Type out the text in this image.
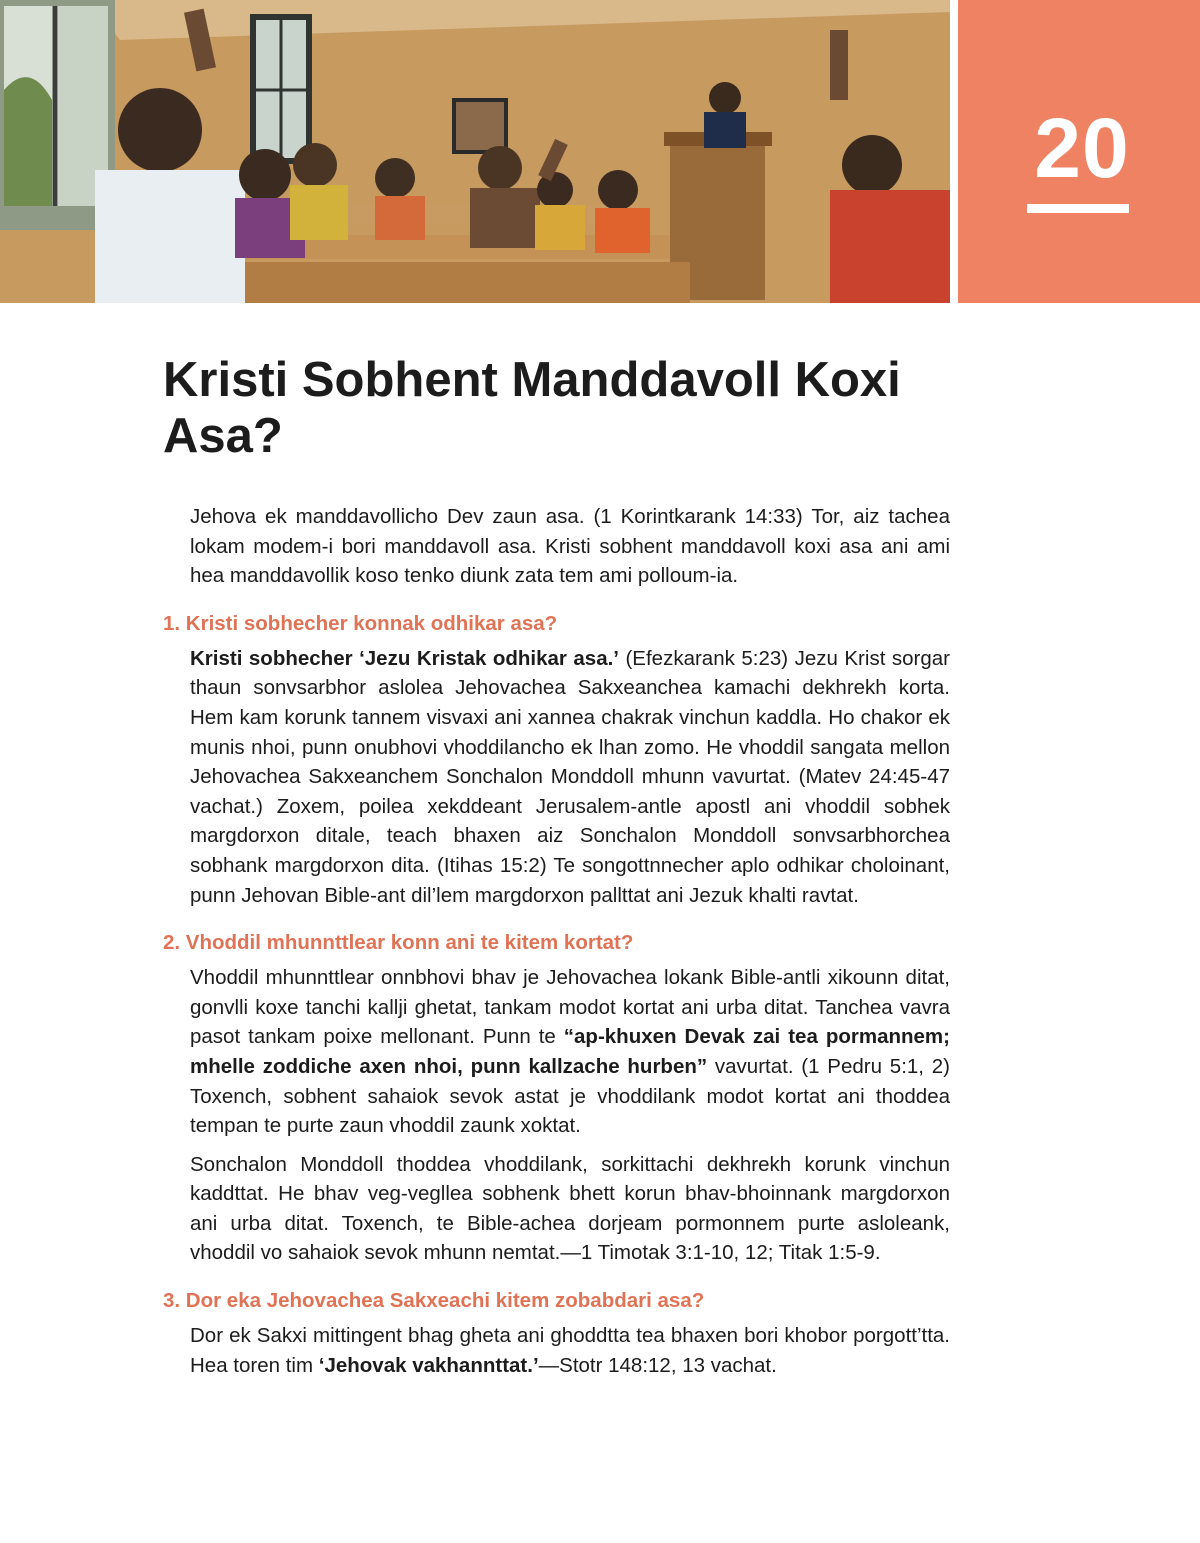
20
Kristi Sobhent Manddavoll Koxi Asa?

Jehova ek manddavollicho Dev zaun asa. (1 Korintkarank 14:33) Tor, aiz tachea lokam modem-i bori manddavoll asa. Kristi sobhent manddavoll koxi asa ani ami hea manddavollik koso tenko diunk zata tem ami polloum-ia.

1. Kristi sobhecher konnak odhikar asa?

Kristi sobhecher ‘Jezu Kristak odhikar asa.’ (Efezkarank 5:23) Jezu Krist sorgar thaun sonvsarbhor aslolea Jehovachea Sakxeanchea kamachi dekhrekh korta. Hem kam korunk tannem visvaxi ani xannea chakrak vinchun kaddla. Ho chakor ek munis nhoi, punn onubhovi vhoddilancho ek lhan zomo. He vhoddil sangata mellon Jehovachea Sakxeanchem Sonchalon Monddoll mhunn vavurtat. (Matev 24:45-47 vachat.) Zoxem, poilea xekddeant Jerusalem-antle apostl ani vhoddil sobhek margdorxon ditale, teach bhaxen aiz Sonchalon Monddoll sonvsarbhorchea sobhank margdorxon dita. (Itihas 15:2) Te songottnnecher aplo odhikar choloinant, punn Jehovan Bible-ant dil’lem margdorxon pallttat ani Jezuk khalti ravtat.

2. Vhoddil mhunnttlear konn ani te kitem kortat?

Vhoddil mhunnttlear onnbhovi bhav je Jehovachea lokank Bible-antli xikounn ditat, gonvlli koxe tanchi kallji ghetat, tankam modot kortat ani urba ditat. Tanchea vavra pasot tankam poixe mellonant. Punn te “ap-khuxen Devak zai tea pormannem; mhelle zoddiche axen nhoi, punn kallzache hurben” vavurtat. (1 Pedru 5:1, 2) Toxench, sobhent sahaiok sevok astat je vhoddilank modot kortat ani thoddea tempan te purte zaun vhoddil zaunk xoktat.

Sonchalon Monddoll thoddea vhoddilank, sorkittachi dekhrekh korunk vinchun kaddttat. He bhav veg-vegllea sobhenk bhett korun bhav-bhoinnank margdorxon ani urba ditat. Toxench, te Bible-achea dorjeam pormonnem purte asloleank, vhoddil vo sahaiok sevok mhunn nemtat.—1 Timotak 3:1-10, 12; Titak 1:5-9.

3. Dor eka Jehovachea Sakxeachi kitem zobabdari asa?

Dor ek Sakxi mittingent bhag gheta ani ghoddtta tea bhaxen bori khobor porgott’tta. Hea toren tim ‘Jehovak vakhannttat.’—Stotr 148:12, 13 vachat.
